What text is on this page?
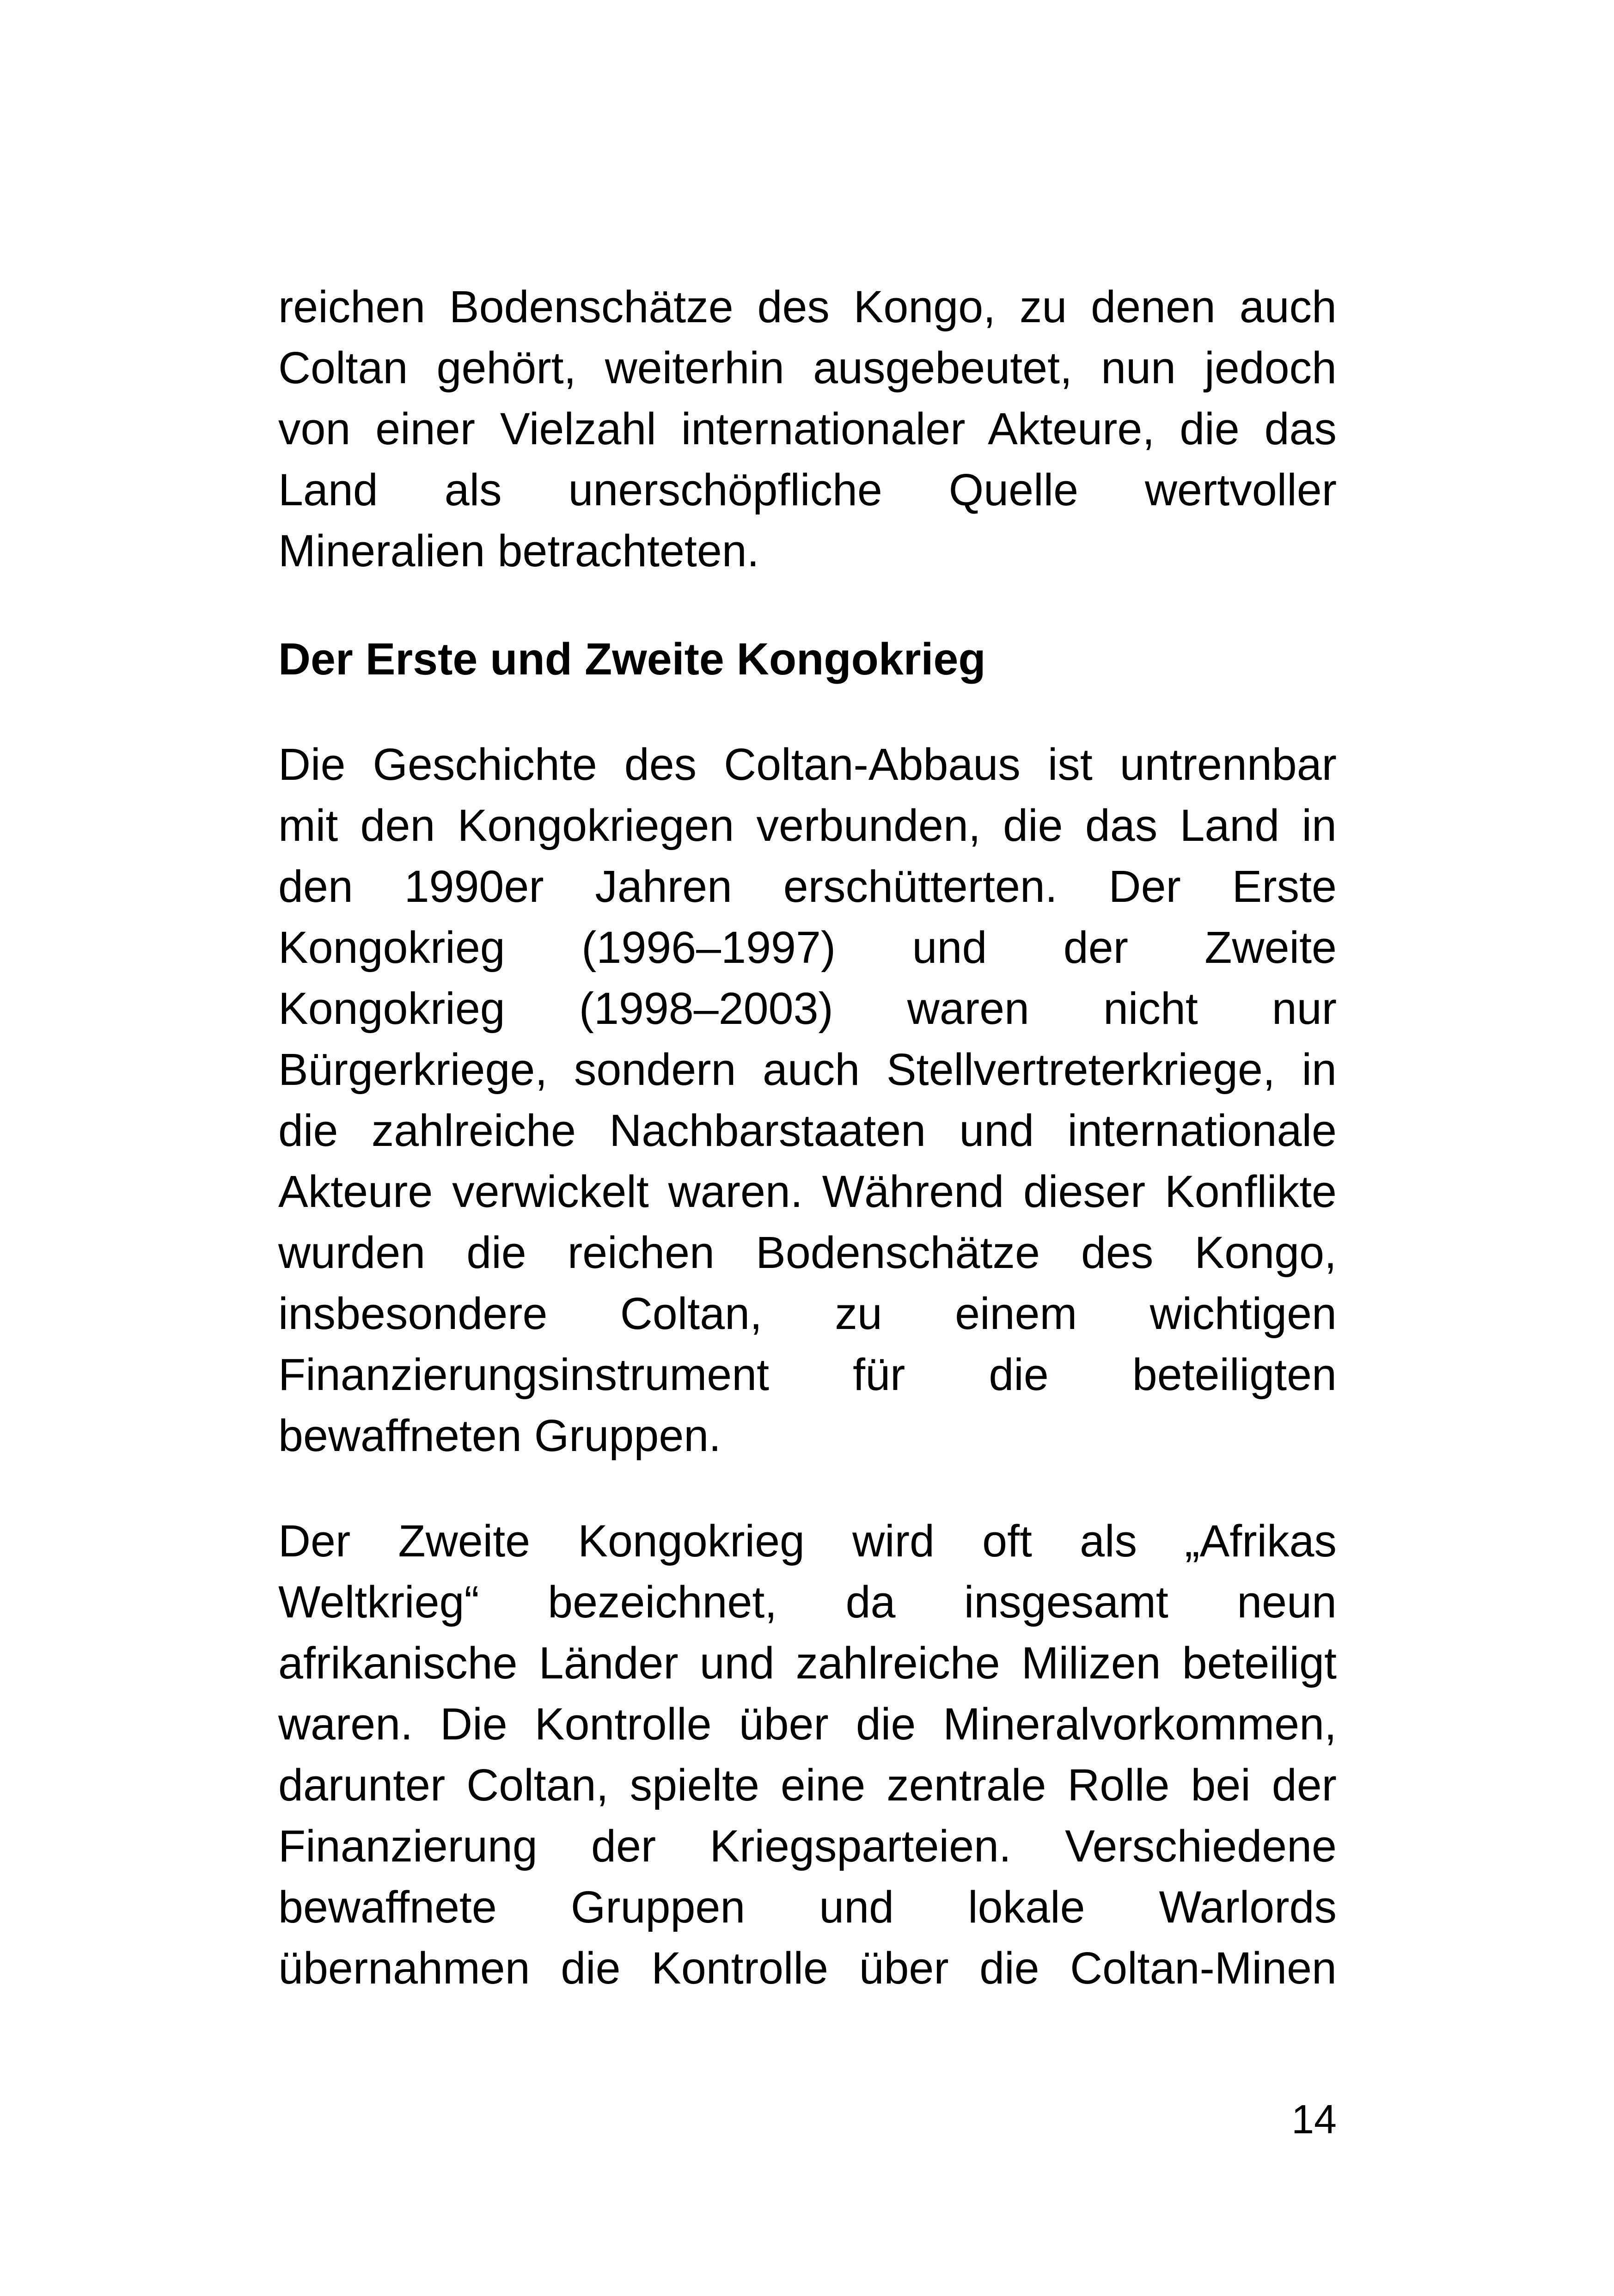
reichen Bodenschätze des Kongo, zu denen auch
Coltan gehört, weiterhin ausgebeutet, nun jedoch
von einer Vielzahl internationaler Akteure, die das
Land als unerschöpfliche Quelle wertvoller
Mineralien betrachteten.
Der Erste und Zweite Kongokrieg
Die Geschichte des Coltan-Abbaus ist untrennbar
mit den Kongokriegen verbunden, die das Land in
den 1990er Jahren erschütterten. Der Erste
Kongokrieg (1996–1997) und der Zweite
Kongokrieg (1998–2003) waren nicht nur
Bürgerkriege, sondern auch Stellvertreterkriege, in
die zahlreiche Nachbarstaaten und internationale
Akteure verwickelt waren. Während dieser Konflikte
wurden die reichen Bodenschätze des Kongo,
insbesondere Coltan, zu einem wichtigen
Finanzierungsinstrument für die beteiligten
bewaffneten Gruppen.
Der Zweite Kongokrieg wird oft als „Afrikas
Weltkrieg“ bezeichnet, da insgesamt neun
afrikanische Länder und zahlreiche Milizen beteiligt
waren. Die Kontrolle über die Mineralvorkommen,
darunter Coltan, spielte eine zentrale Rolle bei der
Finanzierung der Kriegsparteien. Verschiedene
bewaffnete Gruppen und lokale Warlords
übernahmen die Kontrolle über die Coltan-Minen
14
